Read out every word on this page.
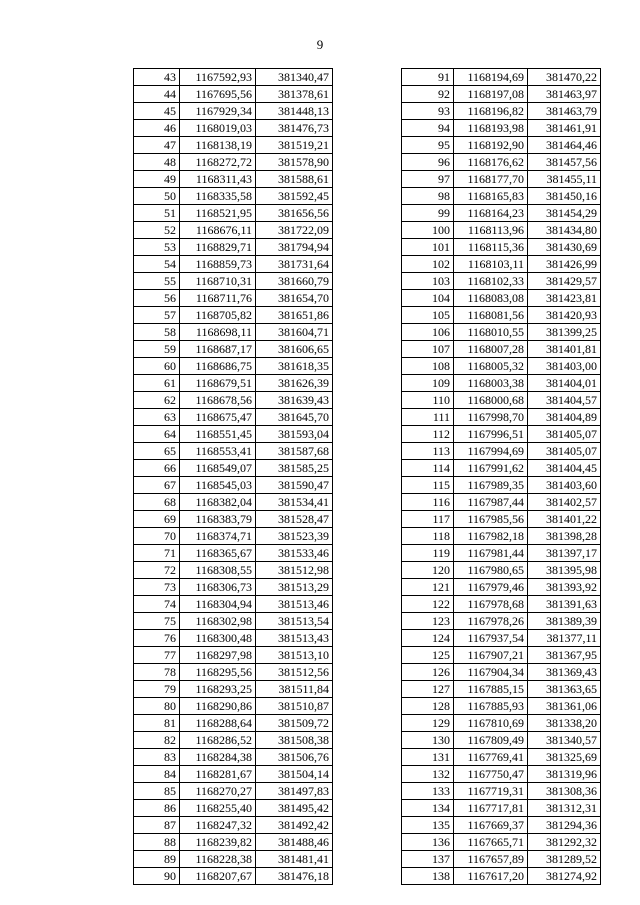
9
43	1167592,93	381340,47
44	1167695,56	381378,61
45	1167929,34	381448,13
46	1168019,03	381476,73
47	1168138,19	381519,21
48	1168272,72	381578,90
49	1168311,43	381588,61
50	1168335,58	381592,45
51	1168521,95	381656,56
52	1168676,11	381722,09
53	1168829,71	381794,94
54	1168859,73	381731,64
55	1168710,31	381660,79
56	1168711,76	381654,70
57	1168705,82	381651,86
58	1168698,11	381604,71
59	1168687,17	381606,65
60	1168686,75	381618,35
61	1168679,51	381626,39
62	1168678,56	381639,43
63	1168675,47	381645,70
64	1168551,45	381593,04
65	1168553,41	381587,68
66	1168549,07	381585,25
67	1168545,03	381590,47
68	1168382,04	381534,41
69	1168383,79	381528,47
70	1168374,71	381523,39
71	1168365,67	381533,46
72	1168308,55	381512,98
73	1168306,73	381513,29
74	1168304,94	381513,46
75	1168302,98	381513,54
76	1168300,48	381513,43
77	1168297,98	381513,10
78	1168295,56	381512,56
79	1168293,25	381511,84
80	1168290,86	381510,87
81	1168288,64	381509,72
82	1168286,52	381508,38
83	1168284,38	381506,76
84	1168281,67	381504,14
85	1168270,27	381497,83
86	1168255,40	381495,42
87	1168247,32	381492,42
88	1168239,82	381488,46
89	1168228,38	381481,41
90	1168207,67	381476,18
91	1168194,69	381470,22
92	1168197,08	381463,97
93	1168196,82	381463,79
94	1168193,98	381461,91
95	1168192,90	381464,46
96	1168176,62	381457,56
97	1168177,70	381455,11
98	1168165,83	381450,16
99	1168164,23	381454,29
100	1168113,96	381434,80
101	1168115,36	381430,69
102	1168103,11	381426,99
103	1168102,33	381429,57
104	1168083,08	381423,81
105	1168081,56	381420,93
106	1168010,55	381399,25
107	1168007,28	381401,81
108	1168005,32	381403,00
109	1168003,38	381404,01
110	1168000,68	381404,57
111	1167998,70	381404,89
112	1167996,51	381405,07
113	1167994,69	381405,07
114	1167991,62	381404,45
115	1167989,35	381403,60
116	1167987,44	381402,57
117	1167985,56	381401,22
118	1167982,18	381398,28
119	1167981,44	381397,17
120	1167980,65	381395,98
121	1167979,46	381393,92
122	1167978,68	381391,63
123	1167978,26	381389,39
124	1167937,54	381377,11
125	1167907,21	381367,95
126	1167904,34	381369,43
127	1167885,15	381363,65
128	1167885,93	381361,06
129	1167810,69	381338,20
130	1167809,49	381340,57
131	1167769,41	381325,69
132	1167750,47	381319,96
133	1167719,31	381308,36
134	1167717,81	381312,31
135	1167669,37	381294,36
136	1167665,71	381292,32
137	1167657,89	381289,52
138	1167617,20	381274,92
